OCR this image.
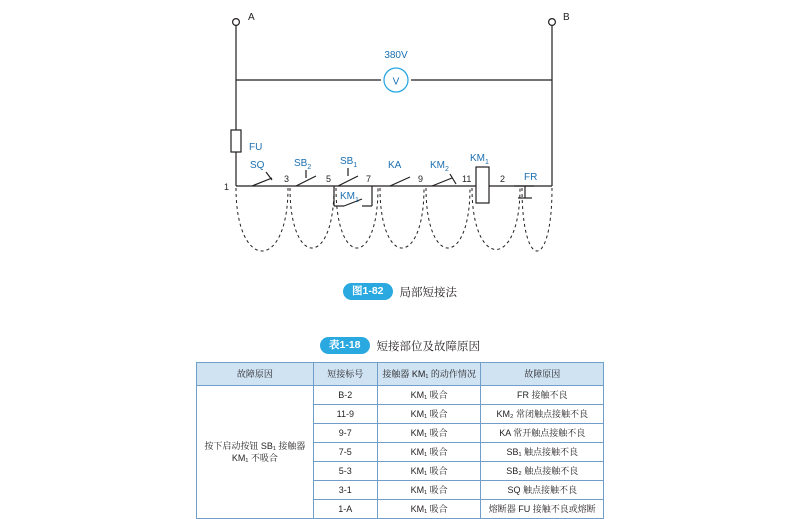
A	B
V
380V
FU
1
SQ
3
$SB_2$
5
$SB_1$
7
$KM_1$
KA
9
$KM_2$
11
$KM_1$
2 FR
图1-82 局部短接法
表1-18 短接部位及故障原因
故障原因	短接标号	接触器 KM₁ 的动作情况	故障原因
按下启动按钮 SB₁ 接触器 KM₁ 不吸合	B-2	KM₁ 吸合	FR 接触不良
	11-9	KM₁ 吸合	KM₂ 常闭触点接触不良
	9-7	KM₁ 吸合	KA 常开触点接触不良
	7-5	KM₁ 吸合	SB₁ 触点接触不良
	5-3	KM₁ 吸合	SB₂ 触点接触不良
	3-1	KM₁ 吸合	SQ 触点接触不良
	1-A	KM₁ 吸合	熔断器 FU 接触不良或熔断
